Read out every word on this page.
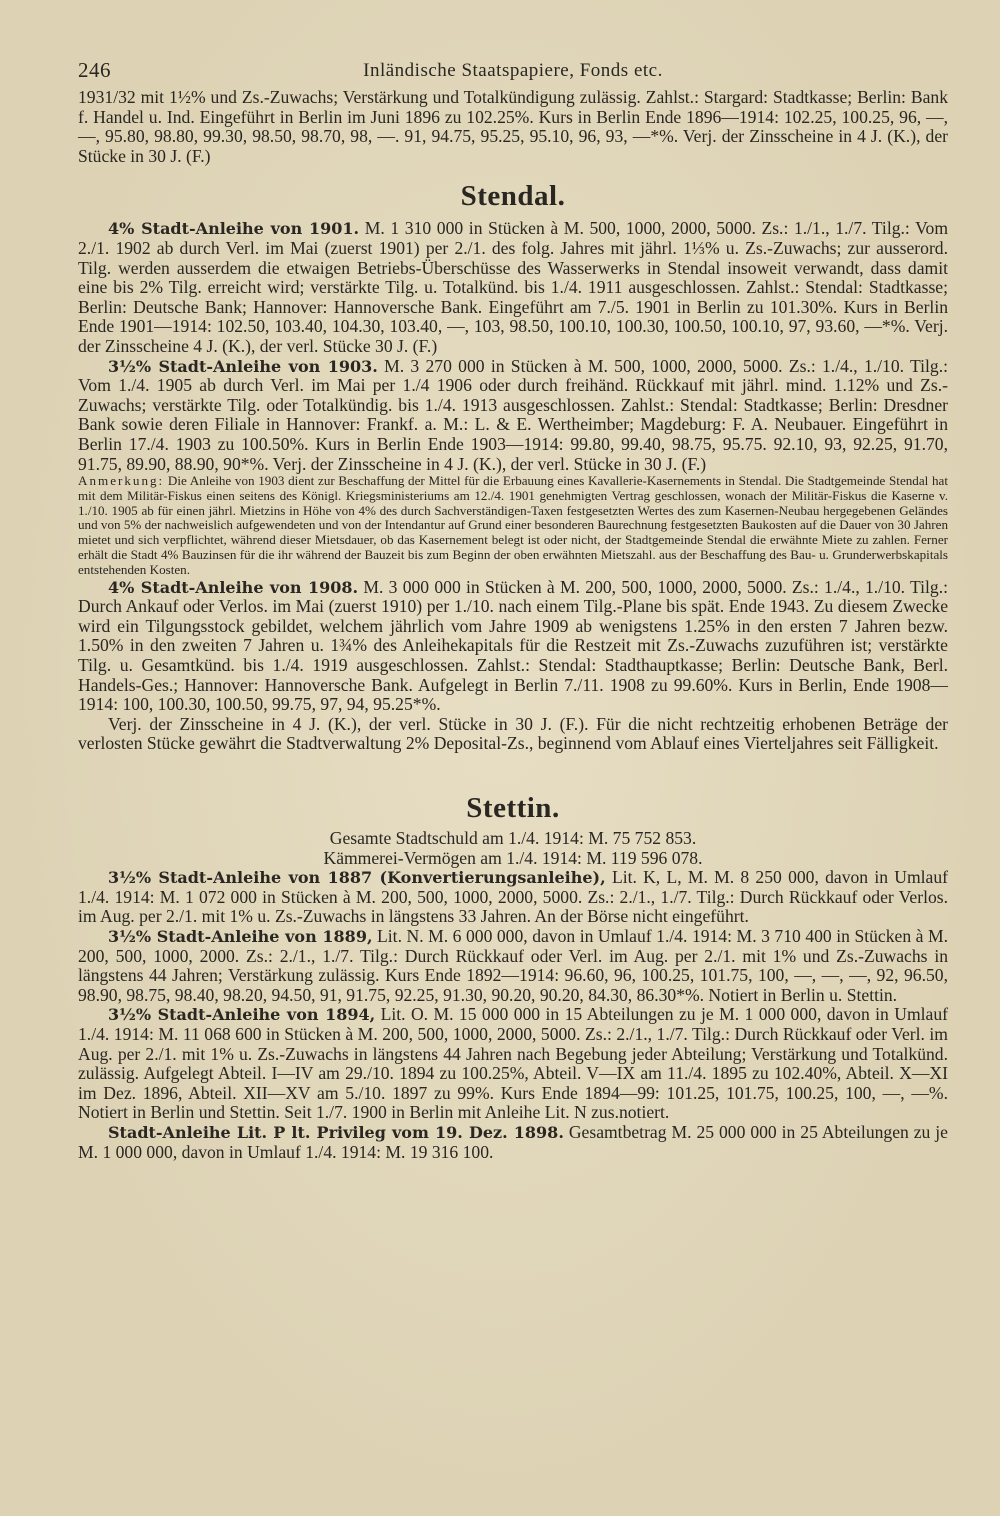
246	Inländische Staatspapiere, Fonds etc.

1931/32 mit 1½% und Zs.-Zuwachs; Verstärkung und Totalkündigung zulässig. Zahlst.: Stargard: Stadtkasse; Berlin: Bank f. Handel u. Ind. Eingeführt in Berlin im Juni 1896 zu 102.25%. Kurs in Berlin Ende 1896—1914: 102.25, 100.25, 96, —, —, 95.80, 98.80, 99.30, 98.50, 98.70, 98, —. 91, 94.75, 95.25, 95.10, 96, 93, —*%. Verj. der Zinsscheine in 4 J. (K.), der Stücke in 30 J. (F.)

Stendal.

4% Stadt-Anleihe von 1901. M. 1 310 000 in Stücken à M. 500, 1000, 2000, 5000. Zs.: 1./1., 1./7. Tilg.: Vom 2./1. 1902 ab durch Verl. im Mai (zuerst 1901) per 2./1. des folg. Jahres mit jährl. 1⅓% u. Zs.-Zuwachs; zur ausserord. Tilg. werden ausserdem die etwaigen Betriebs-Überschüsse des Wasserwerks in Stendal insoweit verwandt, dass damit eine bis 2% Tilg. erreicht wird; verstärkte Tilg. u. Totalkünd. bis 1./4. 1911 ausgeschlossen. Zahlst.: Stendal: Stadtkasse; Berlin: Deutsche Bank; Hannover: Hannoversche Bank. Eingeführt am 7./5. 1901 in Berlin zu 101.30%. Kurs in Berlin Ende 1901—1914: 102.50, 103.40, 104.30, 103.40, —, 103, 98.50, 100.10, 100.30, 100.50, 100.10, 97, 93.60, —*%. Verj. der Zinsscheine 4 J. (K.), der verl. Stücke 30 J. (F.)

3½% Stadt-Anleihe von 1903. M. 3 270 000 in Stücken à M. 500, 1000, 2000, 5000. Zs.: 1./4., 1./10. Tilg.: Vom 1./4. 1905 ab durch Verl. im Mai per 1./4 1906 oder durch freihänd. Rückkauf mit jährl. mind. 1.12% und Zs.-Zuwachs; verstärkte Tilg. oder Totalkündig. bis 1./4. 1913 ausgeschlossen. Zahlst.: Stendal: Stadtkasse; Berlin: Dresdner Bank sowie deren Filiale in Hannover: Frankf. a. M.: L. & E. Wertheimber; Magdeburg: F. A. Neubauer. Eingeführt in Berlin 17./4. 1903 zu 100.50%. Kurs in Berlin Ende 1903—1914: 99.80, 99.40, 98.75, 95.75. 92.10, 93, 92.25, 91.70, 91.75, 89.90, 88.90, 90*%. Verj. der Zinsscheine in 4 J. (K.), der verl. Stücke in 30 J. (F.)

Anmerkung: Die Anleihe von 1903 dient zur Beschaffung der Mittel für die Erbauung eines Kavallerie-Kasernements in Stendal. Die Stadtgemeinde Stendal hat mit dem Militär-Fiskus einen seitens des Königl. Kriegsministeriums am 12./4. 1901 genehmigten Vertrag geschlossen, wonach der Militär-Fiskus die Kaserne v. 1./10. 1905 ab für einen jährl. Mietzins in Höhe von 4% des durch Sachverständigen-Taxen festgesetzten Wertes des zum Kasernen-Neubau hergegebenen Geländes und von 5% der nachweislich aufgewendeten und von der Intendantur auf Grund einer besonderen Baurechnung festgesetzten Baukosten auf die Dauer von 30 Jahren mietet und sich verpflichtet, während dieser Mietsdauer, ob das Kasernement belegt ist oder nicht, der Stadtgemeinde Stendal die erwähnte Miete zu zahlen. Ferner erhält die Stadt 4% Bauzinsen für die ihr während der Bauzeit bis zum Beginn der oben erwähnten Mietszahl. aus der Beschaffung des Bau- u. Grunderwerbskapitals entstehenden Kosten.

4% Stadt-Anleihe von 1908. M. 3 000 000 in Stücken à M. 200, 500, 1000, 2000, 5000. Zs.: 1./4., 1./10. Tilg.: Durch Ankauf oder Verlos. im Mai (zuerst 1910) per 1./10. nach einem Tilg.-Plane bis spät. Ende 1943. Zu diesem Zwecke wird ein Tilgungsstock gebildet, welchem jährlich vom Jahre 1909 ab wenigstens 1.25% in den ersten 7 Jahren bezw. 1.50% in den zweiten 7 Jahren u. 1¾% des Anleihekapitals für die Restzeit mit Zs.-Zuwachs zuzuführen ist; verstärkte Tilg. u. Gesamtkünd. bis 1./4. 1919 ausgeschlossen. Zahlst.: Stendal: Stadthauptkasse; Berlin: Deutsche Bank, Berl. Handels-Ges.; Hannover: Hannoversche Bank. Aufgelegt in Berlin 7./11. 1908 zu 99.60%. Kurs in Berlin, Ende 1908—1914: 100, 100.30, 100.50, 99.75, 97, 94, 95.25*%.

Verj. der Zinsscheine in 4 J. (K.), der verl. Stücke in 30 J. (F.). Für die nicht rechtzeitig erhobenen Beträge der verlosten Stücke gewährt die Stadtverwaltung 2% Deposital-Zs., beginnend vom Ablauf eines Vierteljahres seit Fälligkeit.

Stettin.

Gesamte Stadtschuld am 1./4. 1914: M. 75 752 853.

Kämmerei-Vermögen am 1./4. 1914: M. 119 596 078.

3½% Stadt-Anleihe von 1887 (Konvertierungsanleihe), Lit. K, L, M. M. 8 250 000, davon in Umlauf 1./4. 1914: M. 1 072 000 in Stücken à M. 200, 500, 1000, 2000, 5000. Zs.: 2./1., 1./7. Tilg.: Durch Rückkauf oder Verlos. im Aug. per 2./1. mit 1% u. Zs.-Zuwachs in längstens 33 Jahren. An der Börse nicht eingeführt.

3½% Stadt-Anleihe von 1889, Lit. N. M. 6 000 000, davon in Umlauf 1./4. 1914: M. 3 710 400 in Stücken à M. 200, 500, 1000, 2000. Zs.: 2./1., 1./7. Tilg.: Durch Rückkauf oder Verl. im Aug. per 2./1. mit 1% und Zs.-Zuwachs in längstens 44 Jahren; Verstärkung zulässig. Kurs Ende 1892—1914: 96.60, 96, 100.25, 101.75, 100, —, —, —, 92, 96.50, 98.90, 98.75, 98.40, 98.20, 94.50, 91, 91.75, 92.25, 91.30, 90.20, 90.20, 84.30, 86.30*%. Notiert in Berlin u. Stettin.

3½% Stadt-Anleihe von 1894, Lit. O. M. 15 000 000 in 15 Abteilungen zu je M. 1 000 000, davon in Umlauf 1./4. 1914: M. 11 068 600 in Stücken à M. 200, 500, 1000, 2000, 5000. Zs.: 2./1., 1./7. Tilg.: Durch Rückkauf oder Verl. im Aug. per 2./1. mit 1% u. Zs.-Zuwachs in längstens 44 Jahren nach Begebung jeder Abteilung; Verstärkung und Totalkünd. zulässig. Aufgelegt Abteil. I—IV am 29./10. 1894 zu 100.25%, Abteil. V—IX am 11./4. 1895 zu 102.40%, Abteil. X—XI im Dez. 1896, Abteil. XII—XV am 5./10. 1897 zu 99%. Kurs Ende 1894—99: 101.25, 101.75, 100.25, 100, —, —%. Notiert in Berlin und Stettin. Seit 1./7. 1900 in Berlin mit Anleihe Lit. N zus.notiert.

Stadt-Anleihe Lit. P lt. Privileg vom 19. Dez. 1898. Gesamtbetrag M. 25 000 000 in 25 Abteilungen zu je M. 1 000 000, davon in Umlauf 1./4. 1914: M. 19 316 100.
